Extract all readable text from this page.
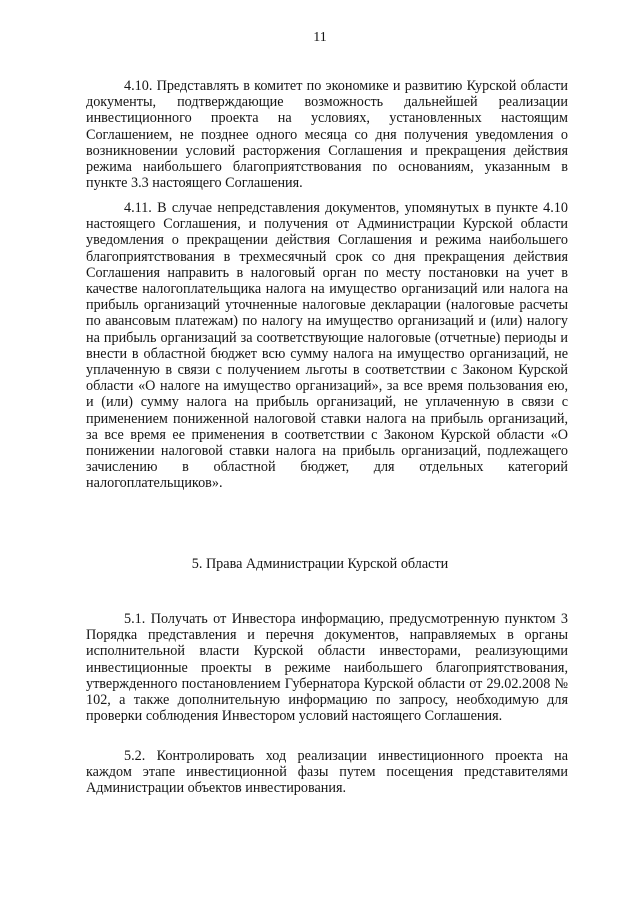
11

4.10. Представлять в комитет по экономике и развитию Курской области документы, подтверждающие возможность дальнейшей реализации инвестиционного проекта на условиях, установленных настоящим Соглашением, не позднее одного месяца со дня получения уведомления о возникновении условий расторжения Соглашения и прекращения действия режима наибольшего благоприятствования по основаниям, указанным в пункте 3.3 настоящего Соглашения.

4.11. В случае непредставления документов, упомянутых в пункте 4.10 настоящего Соглашения, и получения от Администрации Курской области уведомления о прекращении действия Соглашения и режима наибольшего благоприятствования в трехмесячный срок со дня прекращения действия Соглашения направить в налоговый орган по месту постановки на учет в качестве налогоплательщика налога на имущество организаций или налога на прибыль организаций уточненные налоговые декларации (налоговые расчеты по авансовым платежам) по налогу на имущество организаций и (или) налогу на прибыль организаций за соответствующие налоговые (отчетные) периоды и внести в областной бюджет всю сумму налога на имущество организаций, не уплаченную в связи с получением льготы в соответствии с Законом Курской области «О налоге на имущество организаций», за все время пользования ею, и (или) сумму налога на прибыль организаций, не уплаченную в связи с применением пониженной налоговой ставки налога на прибыль организаций, за все время ее применения в соответствии с Законом Курской области «О понижении налоговой ставки налога на прибыль организаций, подлежащего зачислению в областной бюджет, для отдельных категорий налогоплательщиков».

5. Права Администрации Курской области

5.1. Получать от Инвестора информацию, предусмотренную пунктом 3 Порядка представления и перечня документов, направляемых в органы исполнительной власти Курской области инвесторами, реализующими инвестиционные проекты в режиме наибольшего благоприятствования, утвержденного постановлением Губернатора Курской области от 29.02.2008 № 102, а также дополнительную информацию по запросу, необходимую для проверки соблюдения Инвестором условий настоящего Соглашения.

5.2. Контролировать ход реализации инвестиционного проекта на каждом этапе инвестиционной фазы путем посещения представителями Администрации объектов инвестирования.
